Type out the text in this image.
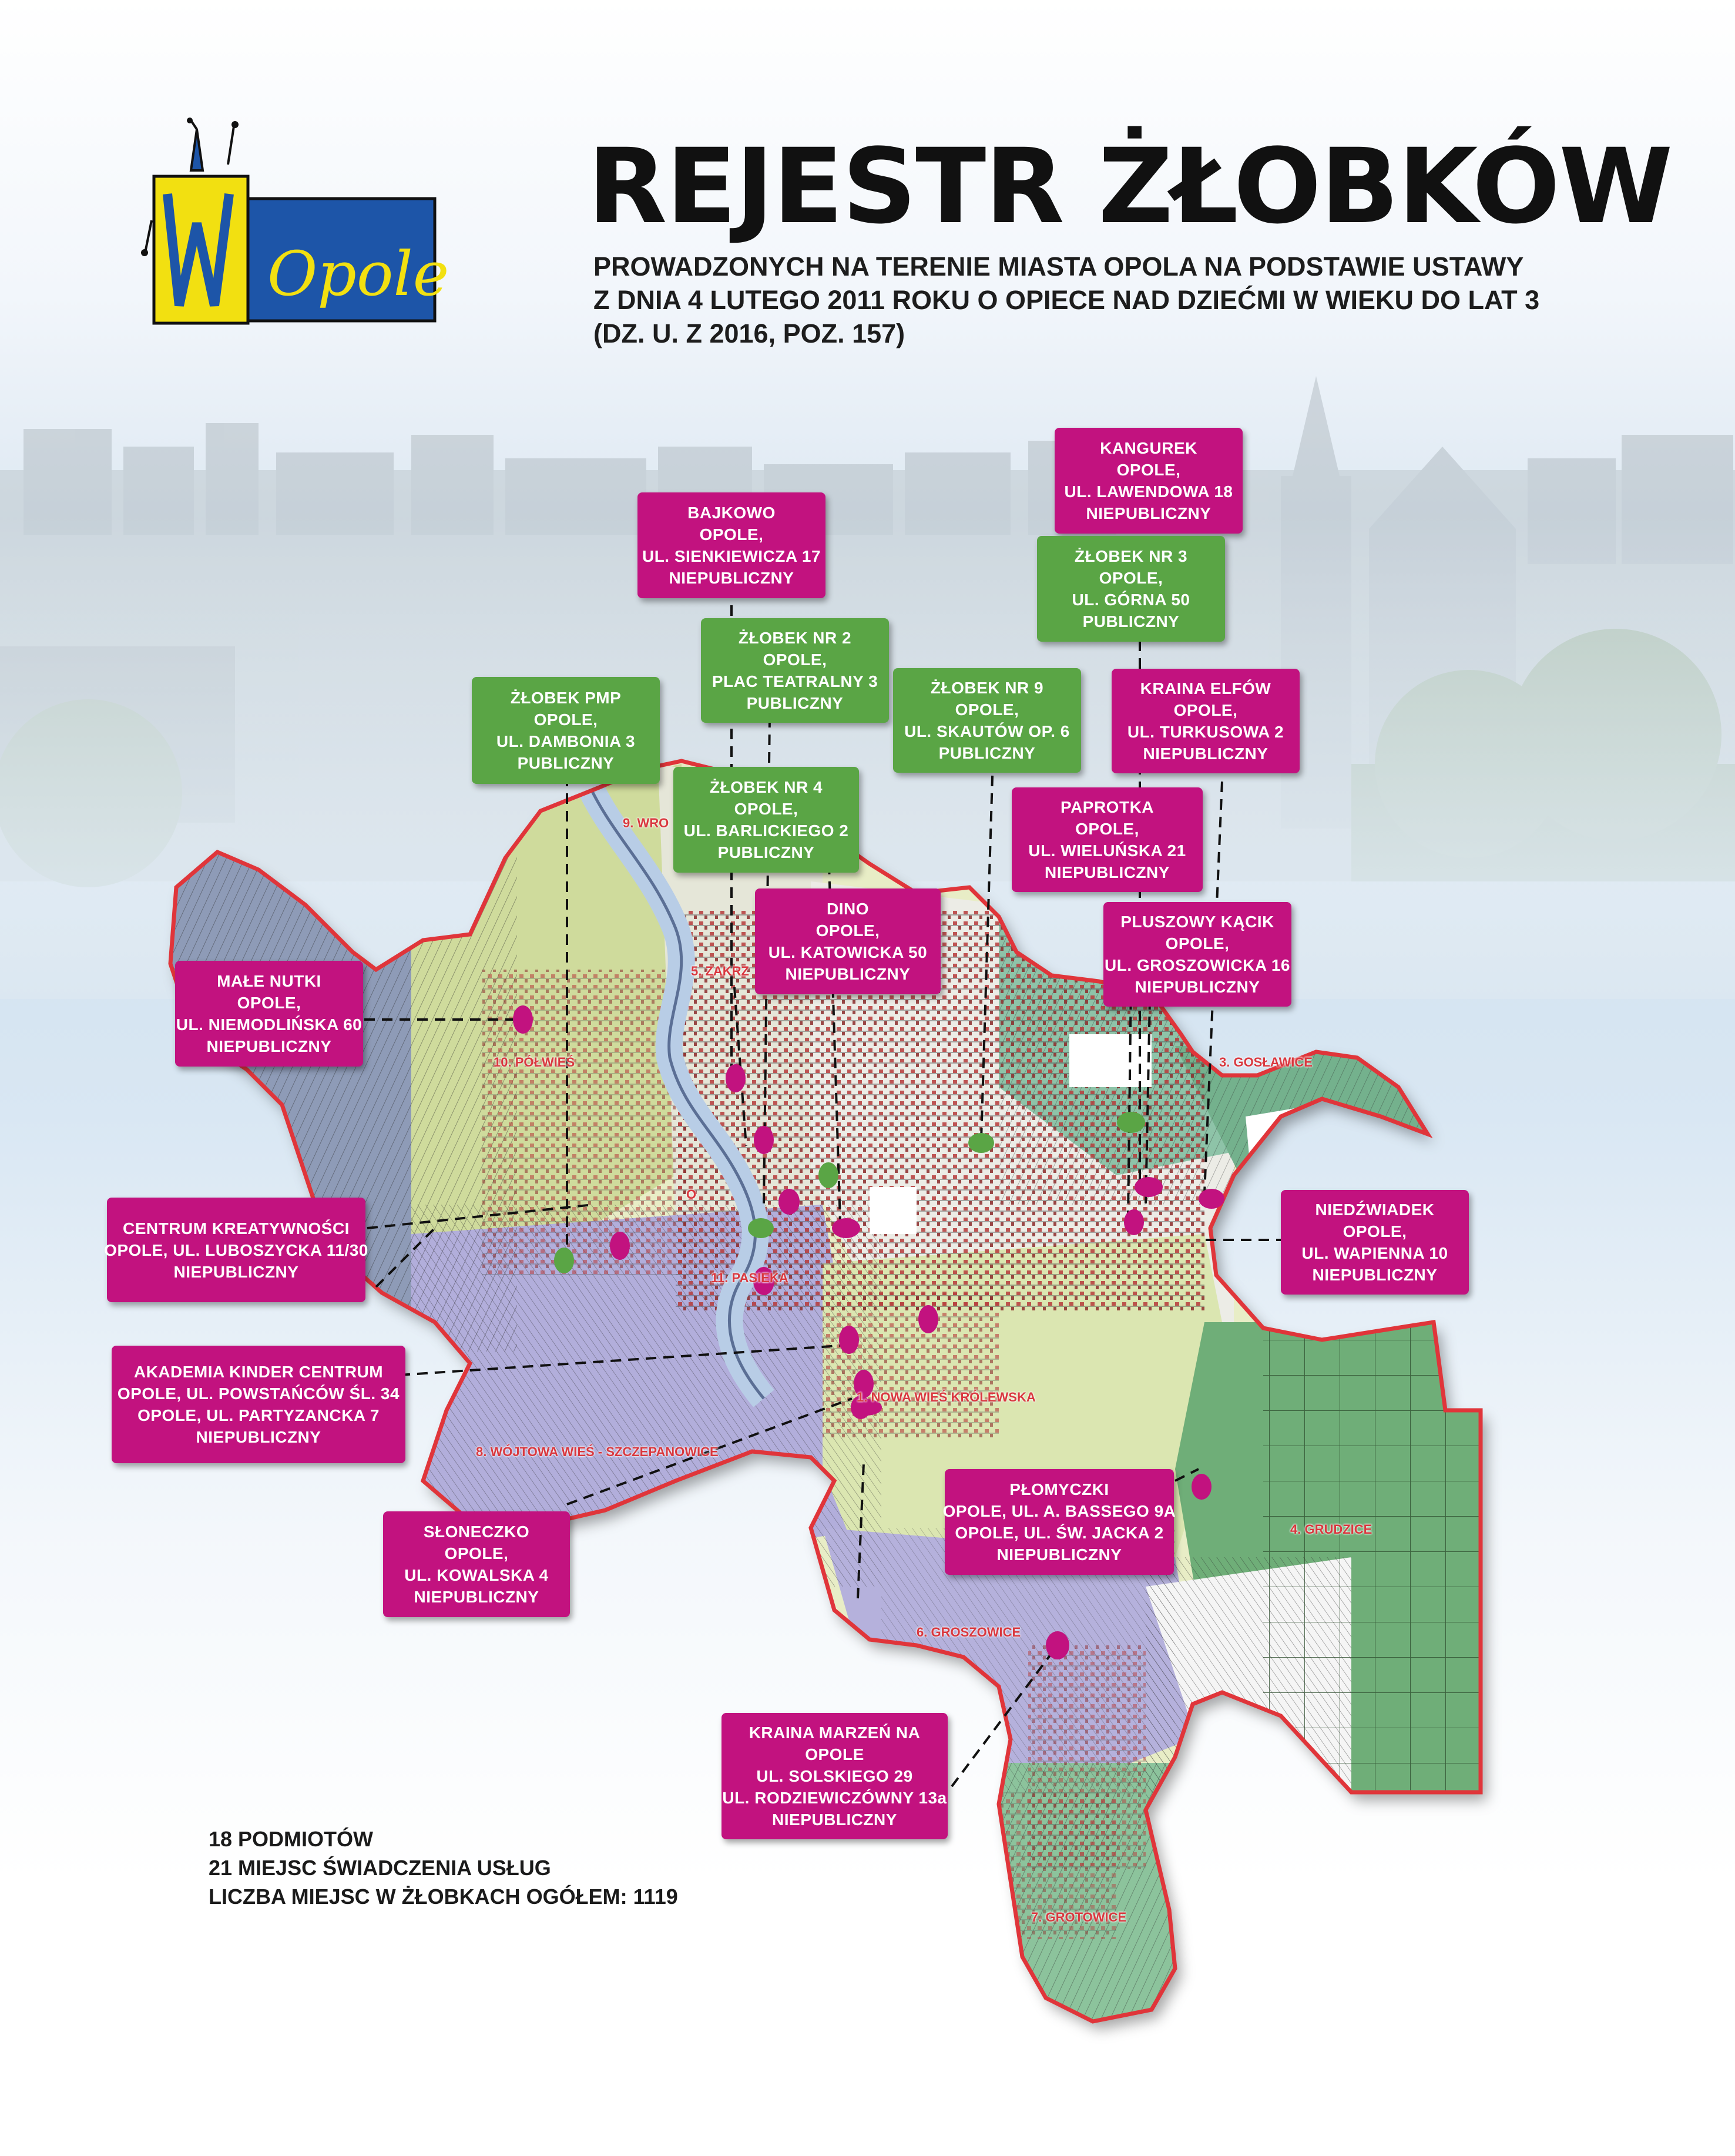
Opole
REJESTR ŻŁOBKÓW
PROWADZONYCH NA TERENIE MIASTA OPOLA NA PODSTAWIE USTAWY
Z DNIA 4 LUTEGO 2011 ROKU O OPIECE NAD DZIEĆMI W WIEKU DO LAT 3
(DZ. U. Z 2016, POZ. 157)
9. WRO
5. ZAKRZ
10. PÓŁWIEŚ	3. GOSŁAWICE
O
11. PASIEKA
1. NOWA WIEŚ KRÓLEWSKA
8. WÓJTOWA WIEŚ - SZCZEPANOWICE
4. GRUDZICE
6. GROSZOWICE
7. GROTOWICE
KANGUREK
OPOLE,
UL. LAWENDOWA 18
NIEPUBLICZNY
BAJKOWO
OPOLE,
UL. SIENKIEWICZA 17
NIEPUBLICZNY
ŻŁOBEK NR 3
OPOLE,
UL. GÓRNA 50
PUBLICZNY
ŻŁOBEK NR 2
OPOLE,
PLAC TEATRALNY 3
PUBLICZNY
ŻŁOBEK PMP
OPOLE,
UL. DAMBONIA 3
PUBLICZNY
ŻŁOBEK NR 9
OPOLE,
UL. SKAUTÓW OP. 6
PUBLICZNY
KRAINA ELFÓW
OPOLE,
UL. TURKUSOWA 2
NIEPUBLICZNY
ŻŁOBEK NR 4
OPOLE,
UL. BARLICKIEGO 2
PUBLICZNY
PAPROTKA
OPOLE,
UL. WIELUŃSKA 21
NIEPUBLICZNY
DINO
OPOLE,
UL. KATOWICKA 50
NIEPUBLICZNY
PLUSZOWY KĄCIK
OPOLE,
UL. GROSZOWICKA 16
NIEPUBLICZNY
MAŁE NUTKI
OPOLE,
UL. NIEMODLIŃSKA 60
NIEPUBLICZNY
CENTRUM KREATYWNOŚCI
OPOLE, UL. LUBOSZYCKA 11/30
NIEPUBLICZNY
NIEDŹWIADEK
OPOLE,
UL. WAPIENNA 10
NIEPUBLICZNY
AKADEMIA KINDER CENTRUM
OPOLE, UL. POWSTAŃCÓW ŚL. 34
OPOLE, UL. PARTYZANCKA 7
NIEPUBLICZNY
PŁOMYCZKI
OPOLE, UL. A. BASSEGO 9A
OPOLE, UL. ŚW. JACKA 2
NIEPUBLICZNY
SŁONECZKO
OPOLE,
UL. KOWALSKA 4
NIEPUBLICZNY
KRAINA MARZEŃ NA
OPOLE
UL. SOLSKIEGO 29
UL. RODZIEWICZÓWNY 13a
NIEPUBLICZNY
18 PODMIOTÓW
21 MIEJSC ŚWIADCZENIA USŁUG
LICZBA MIEJSC W ŻŁOBKACH OGÓŁEM: 1119
